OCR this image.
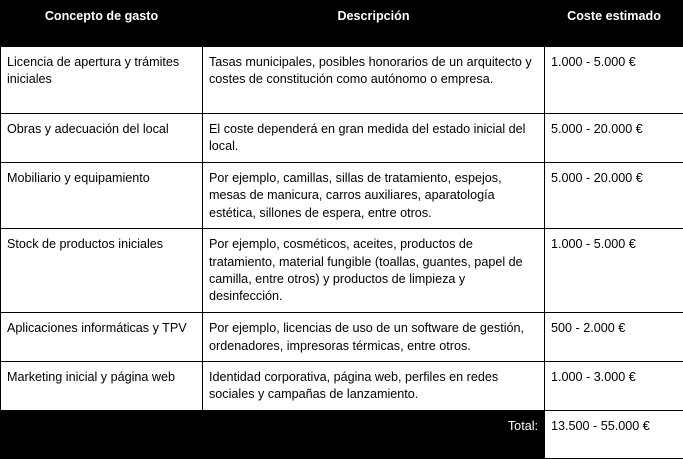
Concepto de gasto	Descripción	Coste estimado
Licencia de apertura y trámites iniciales	Tasas municipales, posibles honorarios de un arquitecto y costes de constitución como autónomo o empresa.	1.000 - 5.000 €
Obras y adecuación del local	El coste dependerá en gran medida del estado inicial del local.	5.000 - 20.000 €
Mobiliario y equipamiento	Por ejemplo, camillas, sillas de tratamiento, espejos, mesas de manicura, carros auxiliares, aparatología estética, sillones de espera, entre otros.	5.000 - 20.000 €
Stock de productos iniciales	Por ejemplo, cosméticos, aceites, productos de tratamiento, material fungible (toallas, guantes, papel de camilla, entre otros) y productos de limpieza y desinfección.	1.000 - 5.000 €
Aplicaciones informáticas y TPV	Por ejemplo, licencias de uso de un software de gestión, ordenadores, impresoras térmicas, entre otros.	500 - 2.000 €
Marketing inicial y página web	Identidad corporativa, página web, perfiles en redes sociales y campañas de lanzamiento.	1.000 - 3.000 €
	Total:	13.500 - 55.000 €
